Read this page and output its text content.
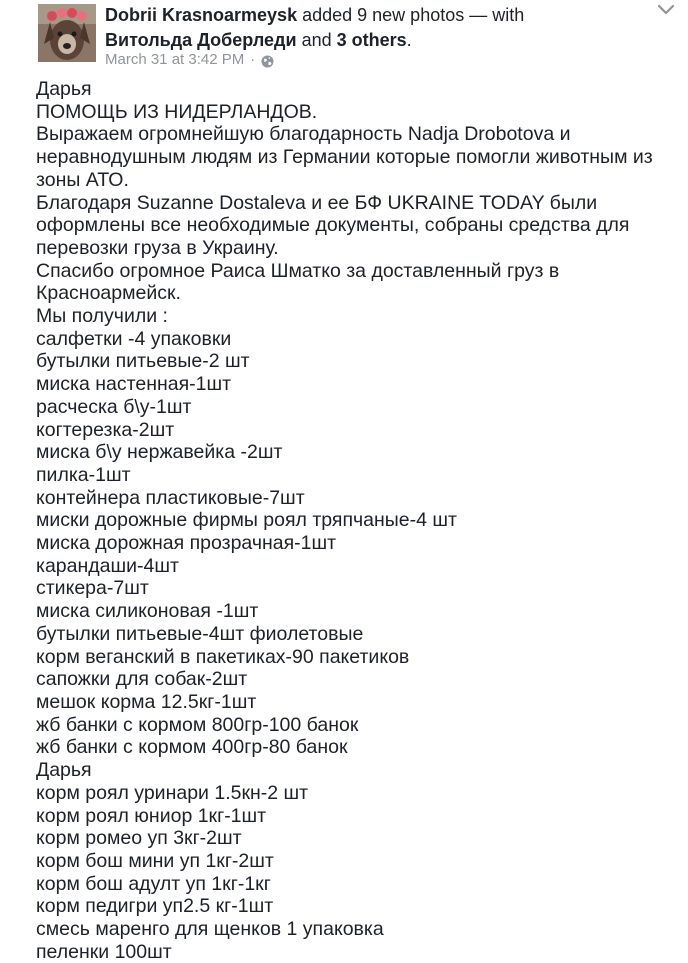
Dobrii Krasnoarmeysk added 9 new photos — with
Витольда Доберледи and 3 others.
March 31 at 3:42 PM ·
Дарья
ПОМОЩЬ ИЗ НИДЕРЛАНДОВ.
Выражаем огромнейшую благодарность Nadja Drobotova и
неравнодушным людям из Германии которые помогли животным из
зоны АТО.
Благодаря Suzanne Dostaleva и ее БФ UKRAINE TODAY были
оформлены все необходимые документы, собраны средства для
перевозки груза в Украину.
Спасибо огромное Раиса Шматко за доставленный груз в
Красноармейск.
Мы получили :
салфетки -4 упаковки
бутылки питьевые-2 шт
миска настенная-1шт
расческа б\у-1шт
когтерезка-2шт
миска б\у нержавейка -2шт
пилка-1шт
контейнера пластиковые-7шт
миски дорожные фирмы роял тряпчаные-4 шт
миска дорожная прозрачная-1шт
карандаши-4шт
стикера-7шт
миска силиконовая -1шт
бутылки питьевые-4шт фиолетовые
корм веганский в пакетиках-90 пакетиков
сапожки для собак-2шт
мешок корма 12.5кг-1шт
жб банки с кормом 800гр-100 банок
жб банки с кормом 400гр-80 банок
Дарья
корм роял уринари 1.5кн-2 шт
корм роял юниор 1кг-1шт
корм ромео уп 3кг-2шт
корм бош мини уп 1кг-2шт
корм бош адулт уп 1кг-1кг
корм педигри уп2.5 кг-1шт
смесь маренго для щенков 1 упаковка
пеленки 100шт
